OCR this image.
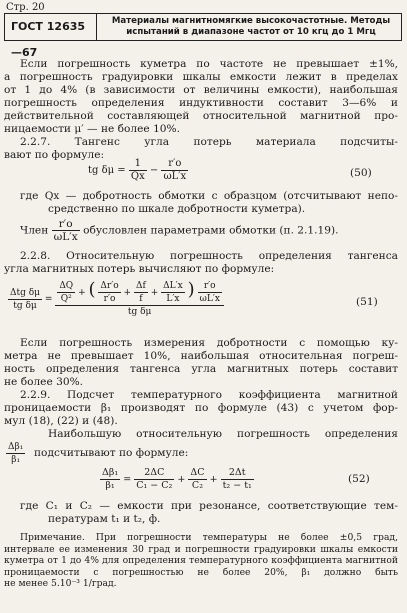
Стр. 20
ГОСТ 12635—67
Материалы магнитномягкие высокочастотные. Методы
испытаний в диапазоне частот от 10 кгц до 1 Мгц
Если погрешность куметра по частоте не превышает ±1%,
а погрешность градуировки шкалы емкости лежит в пределах
от 1 до 4% (в зависимости от величины емкости), наибольшая
погрешность определения индуктивности составит 3—6% и
действительной составляющей относительной магнитной про-
ницаемости μ′ — не более 10%.
2.2.7. Тангенс угла потерь материала подсчиты-
вают по формуле:
tg $\delta\mu = \frac{1}{Qx} - \frac{r'o}{\omega L'x}$	(50)
где Qx — добротность обмотки с образцом (отсчитывают непо-
средственно по шкале добротности куметра).
Член $\frac{r'o}{\omega L'x}$ обусловлен параметрами обмотки (п. 2.1.19).
2.2.8. Относительную погрешность определения тангенса
угла магнитных потерь вычисляют по формуле:
$\frac{\text{Δtg δμ}}{\text{tg δμ}} = \frac{\Delta Q}{\text{Q²}}$ + ( $\frac{\Delta r'o}{r'o} + \frac{\Delta f}{f} + \frac{\Delta L'x}{L'x}$ ) $\frac{r'o}{\omega L'x}$
tg δμ
(51)
Если погрешность измерения добротности с помощью ку-
метра не превышает 10%, наибольшая относительная погреш-
ность определения тангенса угла магнитных потерь составит
не более 30%.
2.2.9. Подсчет температурного коэффициента магнитной
проницаемости β₁ производят по формуле (43) с учетом фор-
мул (18), (22) и (48).
Наибольшую относительную погрешность определения
$\frac{\text{Δβ₁}}{\text{β₁}}$ подсчитывают по формуле:
$\frac{\text{Δβ₁}}{\text{β₁}} = \frac{2\Delta C}{\text{C₁ − C₂}} + \frac{\Delta C}{\text{C₂}} + \frac{2\Delta t}{\text{t₂ − t₁}}$	(52)
где C₁ и C₂ — емкости при резонансе, соответствующие тем-
пературам t₁ и t₂, ф.
Примечание. При погрешности температуры не более ±0,5 град,
интервале ее изменения 30 град и погрешности градуировки шкалы емкости
куметра от 1 до 4% для определения температурного коэффициента магнитной
проницаемости с погрешностью не более 20%, β₁ должно быть
не менее 5.10⁻³ 1/град.
